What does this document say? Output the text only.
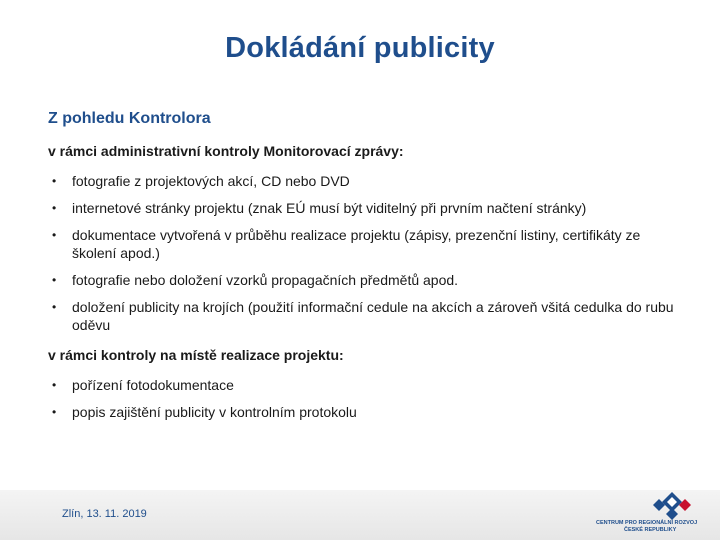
Dokládání publicity
Z pohledu Kontrolora
v rámci administrativní kontroly Monitorovací zprávy:
• fotografie z projektových akcí, CD nebo DVD
• internetové stránky projektu (znak EÚ musí být viditelný při prvním načtení stránky)
• dokumentace vytvořená v průběhu realizace projektu (zápisy, prezenční listiny, certifikáty ze školení apod.)
• fotografie nebo doložení vzorků propagačních předmětů apod.
• doložení publicity na krojích (použití informační cedule na akcích a zároveň všitá cedulka do rubu oděvu
v rámci kontroly na místě realizace projektu:
• pořízení fotodokumentace
• popis zajištění publicity v kontrolním protokolu
Zlín, 13. 11. 2019
CENTRUM PRO REGIONÁLNÍ ROZVOJ
ČESKÉ REPUBLIKY
